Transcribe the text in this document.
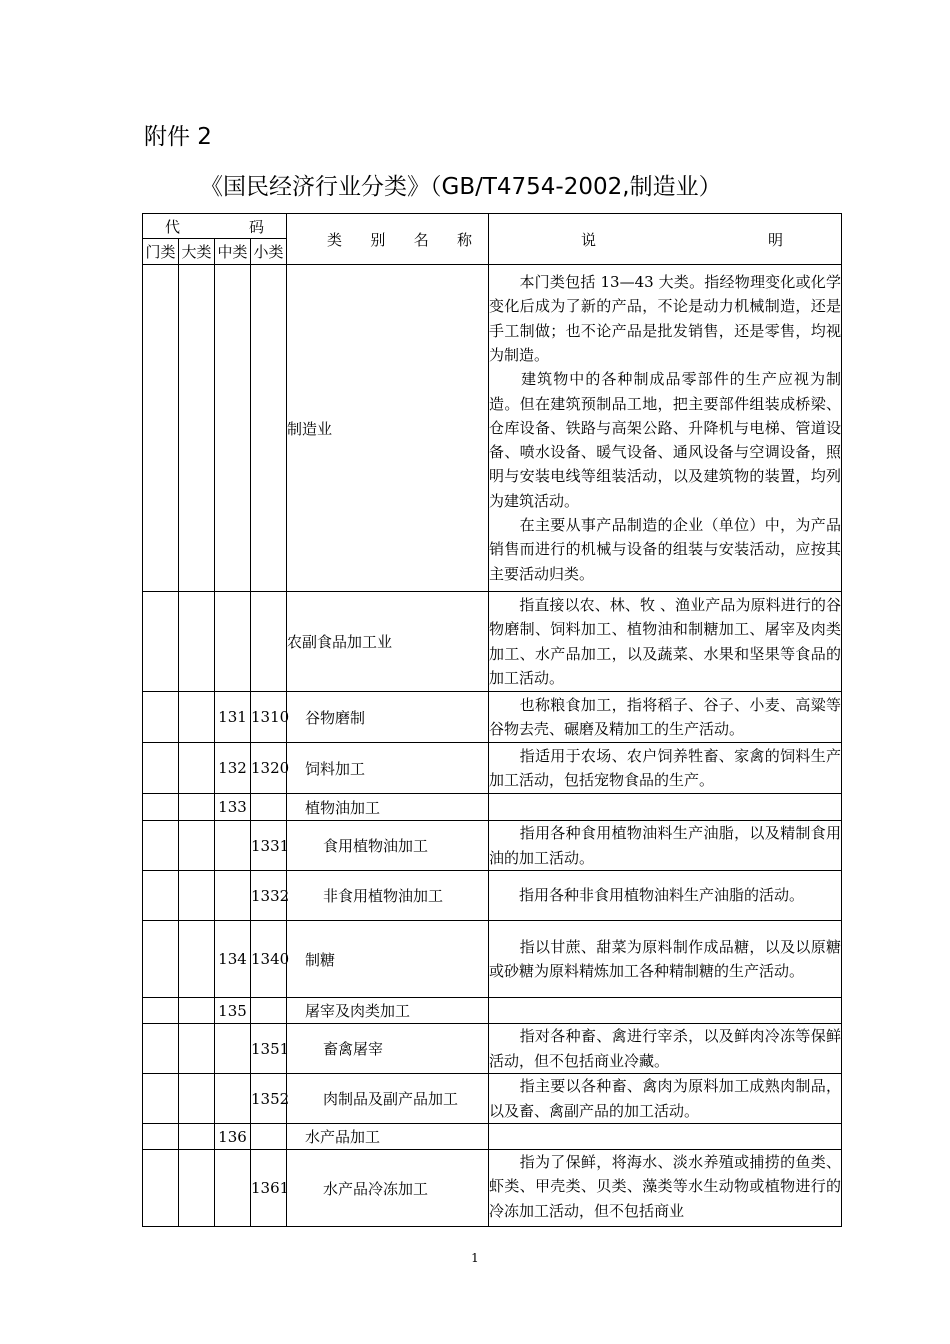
附件 2
《国民经济行业分类》（GB/T4754-2002,制造业）
代 码				类 别 名 称	说 明

门类	大类	中类	小类		
				制造业	　　本门类包括 13—43 大类。指经物理变化或化学变化后成为了新的产品，不论是动力机械制造，还是手工制做；也不论产品是批发销售，还是零售，均视为制造。
　　建筑物中的各种制成品零部件的生产应视为制造。但在建筑预制品工地，把主要部件组装成桥梁、仓库设备、铁路与高架公路、升降机与电梯、管道设备、喷水设备、暖气设备、通风设备与空调设备，照明与安装电线等组装活动，以及建筑物的装置，均列为建筑活动。
　　在主要从事产品制造的企业（单位）中，为产品销售而进行的机械与设备的组装与安装活动，应按其主要活动归类。
				农副食品加工业	　　指直接以农、林、牧 、渔业产品为原料进行的谷物磨制、饲料加工、植物油和制糖加工、屠宰及肉类加工、水产品加工，以及蔬菜、水果和坚果等食品的加工活动。
		131	1310	谷物磨制	　　也称粮食加工，指将稻子、谷子、小麦、高粱等谷物去壳、碾磨及精加工的生产活动。
		132	1320	饲料加工	　　指适用于农场、农户饲养牲畜、家禽的饲料生产加工活动，包括宠物食品的生产。
		133		植物油加工	
			1331	食用植物油加工	　　指用各种食用植物油料生产油脂，以及精制食用油的加工活动。
			1332	非食用植物油加工	　　指用各种非食用植物油料生产油脂的活动。
		134	1340	制糖	　　指以甘蔗、甜菜为原料制作成品糖，以及以原糖或砂糖为原料精炼加工各种精制糖的生产活动。
		135		屠宰及肉类加工	
			1351	畜禽屠宰	　　指对各种畜、禽进行宰杀，以及鲜肉冷冻等保鲜活动，但不包括商业冷藏。
			1352	肉制品及副产品加工	　　指主要以各种畜、禽肉为原料加工成熟肉制品，以及畜、禽副产品的加工活动。
		136		水产品加工	
			1361	水产品冷冻加工	　　指为了保鲜，将海水、淡水养殖或捕捞的鱼类、虾类、甲壳类、贝类、藻类等水生动物或植物进行的冷冻加工活动，但不包括商业
1
